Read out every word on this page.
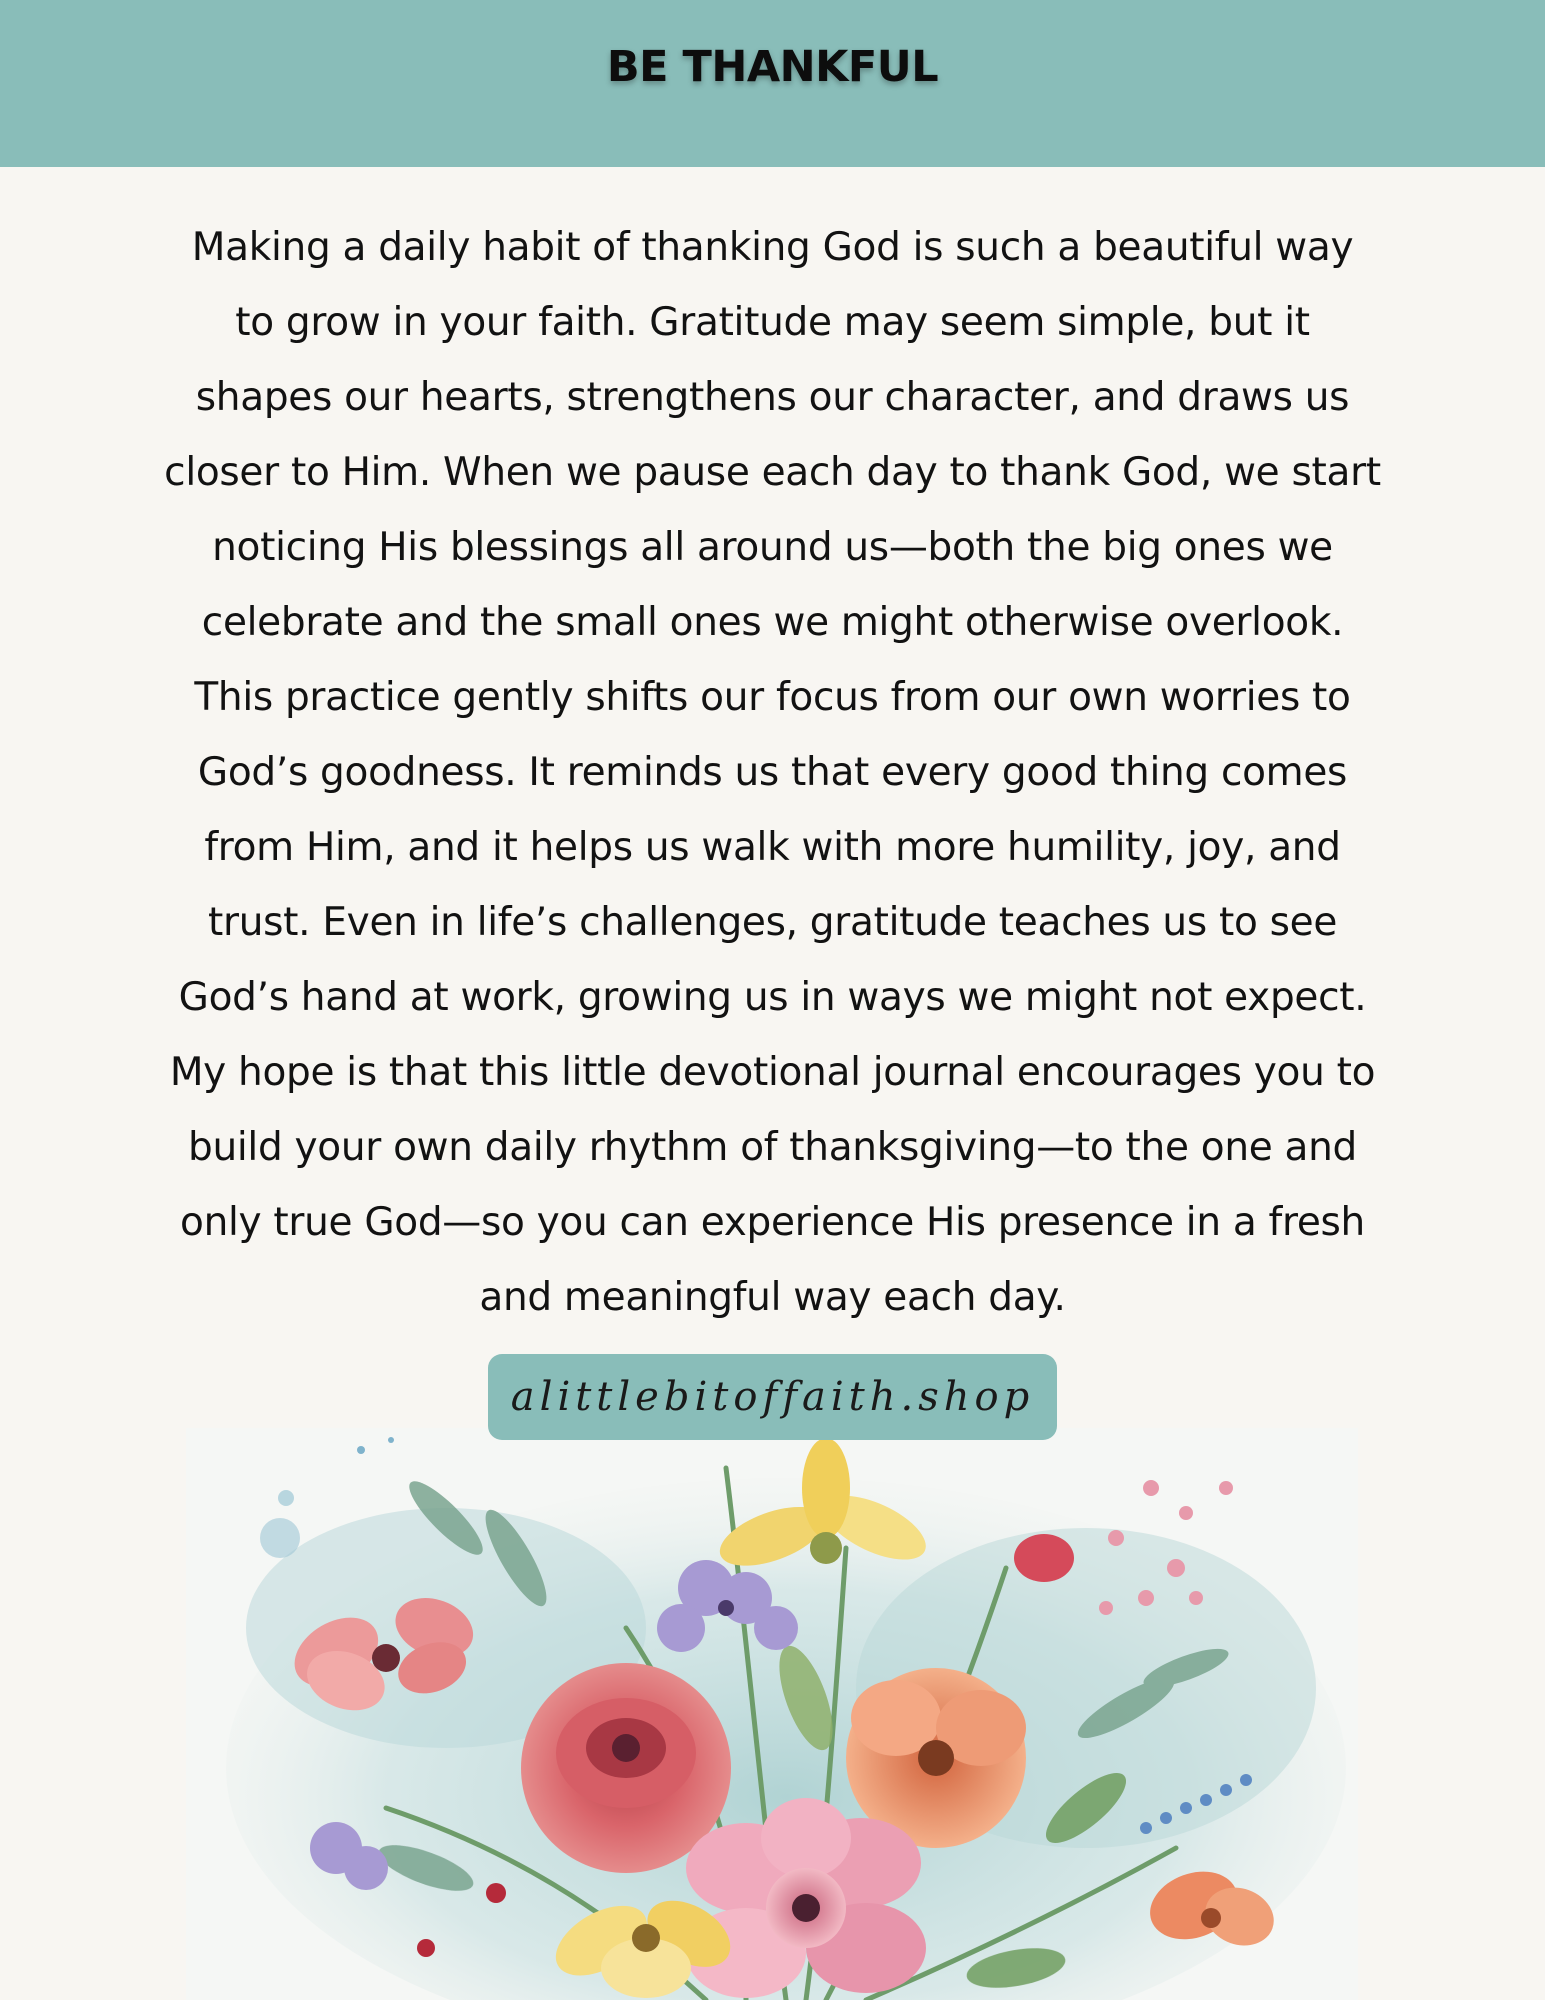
BE THANKFUL
Making a daily habit of thanking God is such a beautiful way
to grow in your faith. Gratitude may seem simple, but it
shapes our hearts, strengthens our character, and draws us
closer to Him. When we pause each day to thank God, we start
noticing His blessings all around us—both the big ones we
celebrate and the small ones we might otherwise overlook.
This practice gently shifts our focus from our own worries to
God’s goodness. It reminds us that every good thing comes
from Him, and it helps us walk with more humility, joy, and
trust. Even in life’s challenges, gratitude teaches us to see
God’s hand at work, growing us in ways we might not expect.
My hope is that this little devotional journal encourages you to
build your own daily rhythm of thanksgiving—to the one and
only true God—so you can experience His presence in a fresh
and meaningful way each day.
alittlebitoffaith.shop
